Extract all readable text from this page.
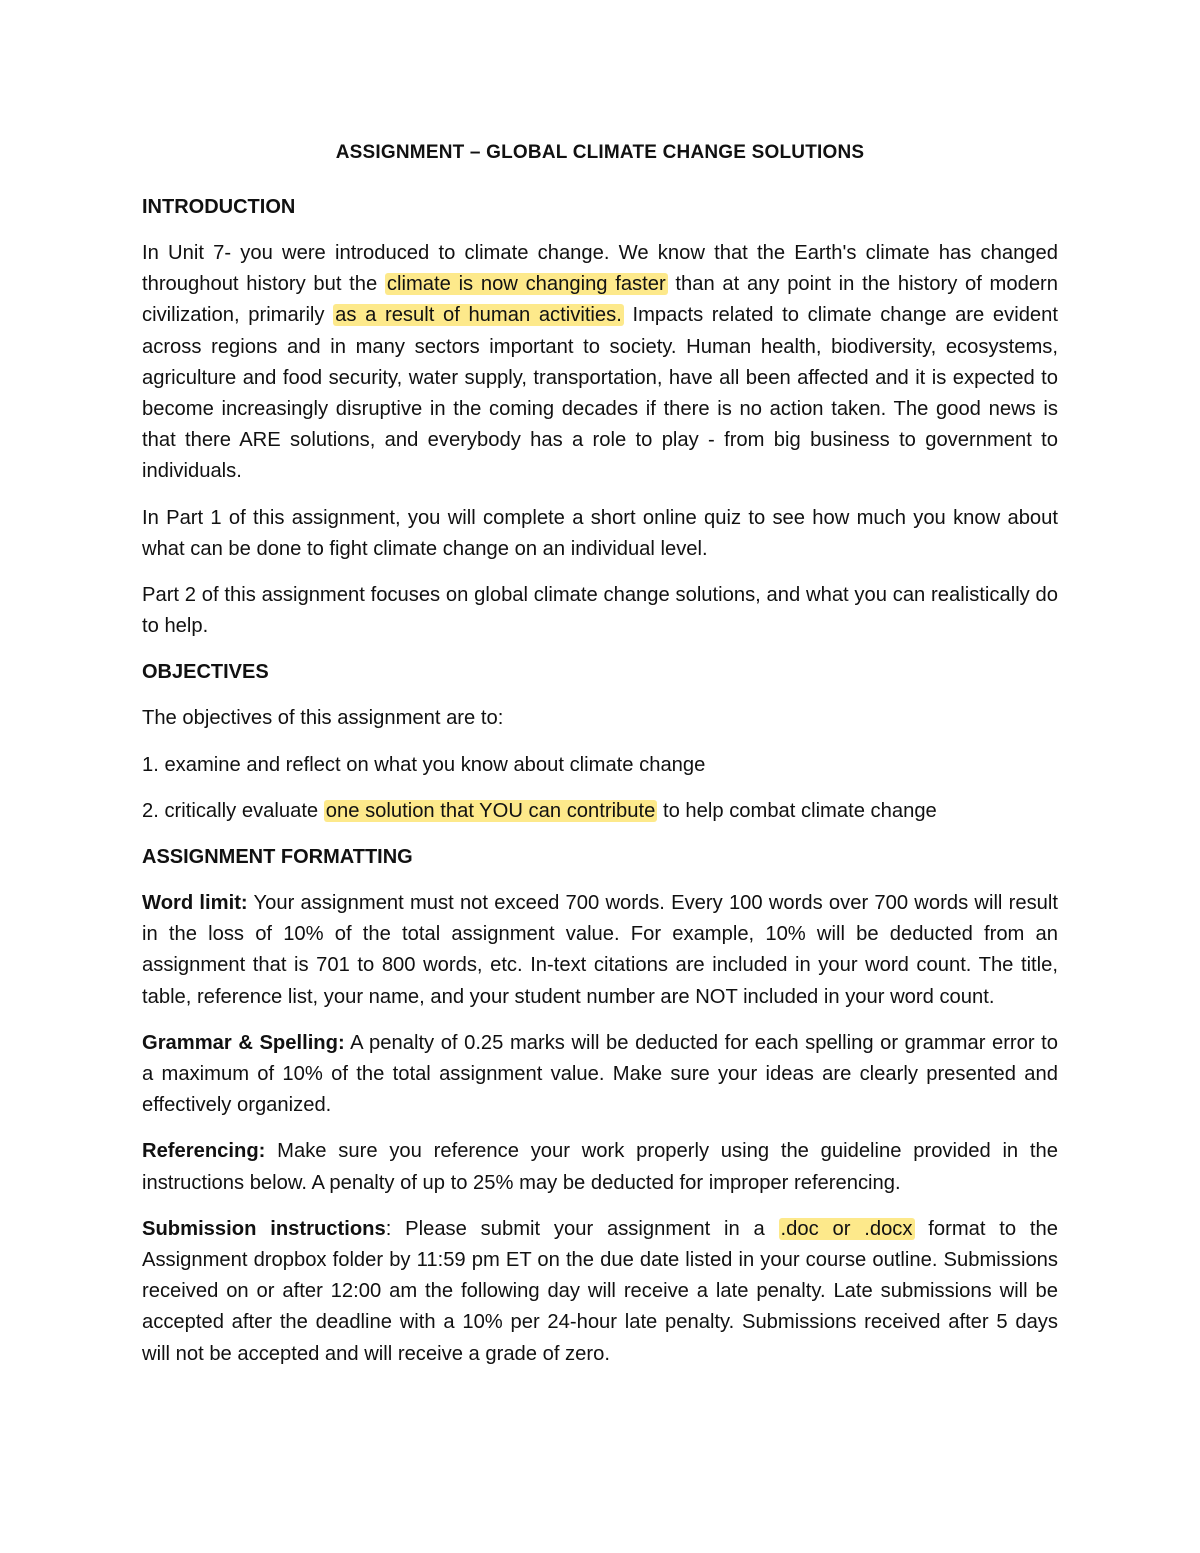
ASSIGNMENT – GLOBAL CLIMATE CHANGE SOLUTIONS
INTRODUCTION

In Unit 7- you were introduced to climate change. We know that the Earth's climate has changed throughout history but the climate is now changing faster than at any point in the history of modern civilization, primarily as a result of human activities. Impacts related to climate change are evident across regions and in many sectors important to society. Human health, biodiversity, ecosystems, agriculture and food security, water supply, transportation, have all been affected and it is expected to become increasingly disruptive in the coming decades if there is no action taken. The good news is that there ARE solutions, and everybody has a role to play - from big business to government to individuals.

In Part 1 of this assignment, you will complete a short online quiz to see how much you know about what can be done to fight climate change on an individual level.

Part 2 of this assignment focuses on global climate change solutions, and what you can realistically do to help.

OBJECTIVES

The objectives of this assignment are to:

1. examine and reflect on what you know about climate change

2. critically evaluate one solution that YOU can contribute to help combat climate change

ASSIGNMENT FORMATTING

Word limit: Your assignment must not exceed 700 words. Every 100 words over 700 words will result in the loss of 10% of the total assignment value. For example, 10% will be deducted from an assignment that is 701 to 800 words, etc. In-text citations are included in your word count. The title, table, reference list, your name, and your student number are NOT included in your word count.

Grammar & Spelling: A penalty of 0.25 marks will be deducted for each spelling or grammar error to a maximum of 10% of the total assignment value. Make sure your ideas are clearly presented and effectively organized.

Referencing: Make sure you reference your work properly using the guideline provided in the instructions below. A penalty of up to 25% may be deducted for improper referencing.

Submission instructions: Please submit your assignment in a .doc or .docx format to the Assignment dropbox folder by 11:59 pm ET on the due date listed in your course outline. Submissions received on or after 12:00 am the following day will receive a late penalty. Late submissions will be accepted after the deadline with a 10% per 24-hour late penalty. Submissions received after 5 days will not be accepted and will receive a grade of zero.
